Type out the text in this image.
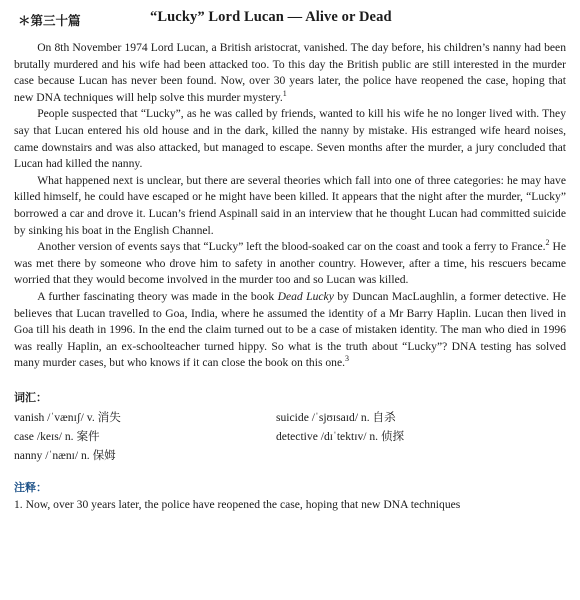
＊第三十篇	“Lucky” Lord Lucan — Alive or Dead

On 8th November 1974 Lord Lucan, a British aristocrat, vanished. The day before, his children’s nanny had been brutally murdered and his wife had been attacked too. To this day the British public are still interested in the murder case because Lucan has never been found. Now, over 30 years later, the police have reopened the case, hoping that new DNA techniques will help solve this murder mystery.$^1$

People suspected that “Lucky”, as he was called by friends, wanted to kill his wife he no longer lived with. They say that Lucan entered his old house and in the dark, killed the nanny by mistake. His estranged wife heard noises, came downstairs and was also attacked, but managed to escape. Seven months after the murder, a jury concluded that Lucan had killed the nanny.

What happened next is unclear, but there are several theories which fall into one of three categories: he may have killed himself, he could have escaped or he might have been killed. It appears that the night after the murder, “Lucky” borrowed a car and drove it. Lucan’s friend Aspinall said in an interview that he thought Lucan had committed suicide by sinking his boat in the English Channel.

Another version of events says that “Lucky” left the blood-soaked car on the coast and took a ferry to France.$^2$ He was met there by someone who drove him to safety in another country. However, after a time, his rescuers became worried that they would become involved in the murder too and so Lucan was killed.

A further fascinating theory was made in the book Dead Lucky by Duncan MacLaughlin, a former detective. He believes that Lucan travelled to Goa, India, where he assumed the identity of a Mr Barry Haplin. Lucan then lived in Goa till his death in 1996. In the end the claim turned out to be a case of mistaken identity. The man who died in 1996 was really Haplin, an ex-schoolteacher turned hippy. So what is the truth about “Lucky”? DNA testing has solved many murder cases, but who knows if it can close the book on this one.$^3$

词汇：
vanish /ˈvænɪʃ/ v. 消失	suicide /ˈsjʊɪsaɪd/ n. 自杀
case /keɪs/ n. 案件	detective /dɪˈtektɪv/ n. 侦探
nanny /ˈnænɪ/ n. 保姆
注释：
1. Now, over 30 years later, the police have reopened the case, hoping that new DNA techniques
